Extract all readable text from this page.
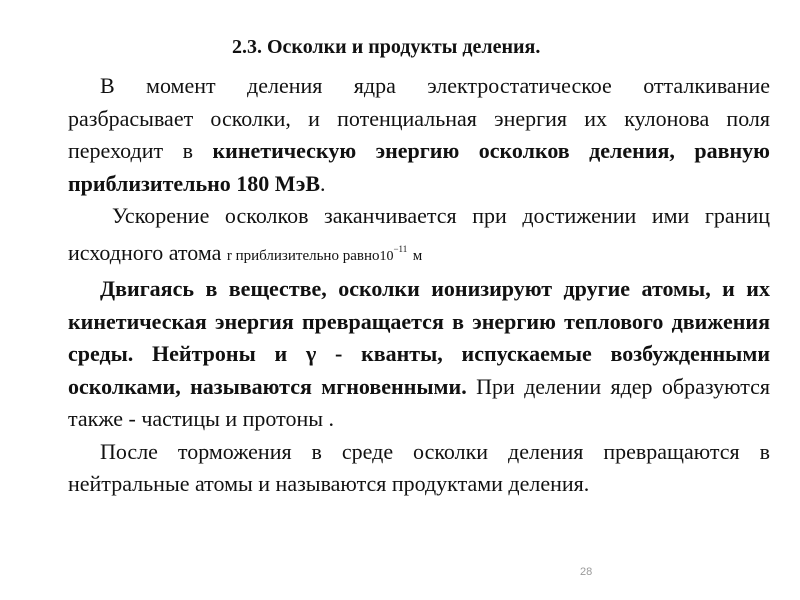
2.3. Осколки и продукты деления.

В момент деления ядра электростатическое отталкивание разбрасывает осколки, и потенциальная энергия их кулонова поля переходит в кинетическую энергию осколков деления, равную приблизительно 180 МэВ.

Ускорение осколков заканчивается при достижении ими границ исходного атома r приблизительно $равно10^{-11}$ м

Двигаясь в веществе, осколки ионизируют другие атомы, и их кинетическая энергия превращается в энергию теплового движения среды. Нейтроны и γ - кванты, испускаемые возбужденными осколками, называются мгновенными. При делении ядер образуются также - частицы и протоны .

После торможения в среде осколки деления превращаются в нейтральные атомы и называются продуктами деления.

28
